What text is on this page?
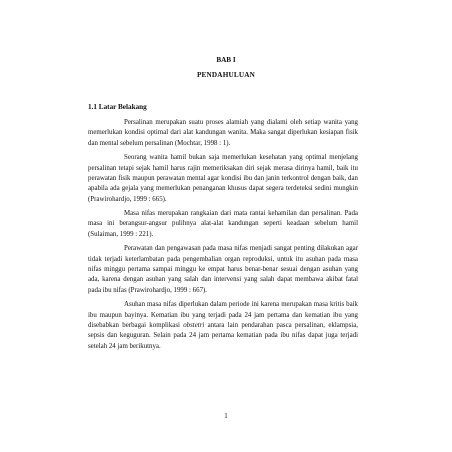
BAB I
PENDAHULUAN
1.1 Latar Belakang

Persalinan merupakan suatu proses alamiah yang dialami oleh setiap wanita yang memerlukan kondisi optimal dari alat kandungan wanita. Maka sangat diperlukan kesiapan fisik dan mental sebelum persalinan (Mochtar, 1998 : 1).

Seorang wanita hamil bukan saja memerlukan kesehatan yang optimal menjelang persalinan tetapi sejak hamil harus rajin memeriksakan diri sejak merasa dirinya hamil, baik itu perawatan fisik maupun perawatan mental agar kondisi ibu dan janin terkontrol dengan baik, dan apabila ada gejala yang memerlukan penanganan khusus dapat segera terdeteksi sedini mungkin (Prawirohardjo, 1999 : 665).

Masa nifas merupakan rangkaian dari mata rantai kehamilan dan persalinan. Pada masa ini berangsur-angsur pulihnya alat-alat kandungan seperti keadaan sebelum hamil (Sulaiman, 1999 : 221).

Perawatan dan pengawasan pada masa nifas menjadi sangat penting dilakukan agar tidak terjadi keterlambatan pada pengembalian organ reproduksi, untuk itu asuhan pada masa nifas minggu pertama sampai minggu ke empat harus benar-benar sesuai dengan asuhan yang ada, karena dengan asuhan yang salah dan intervensi yang salah dapat membawa akibat fatal pada ibu nifas (Prawirohardjo, 1999 : 667).

Asuhan masa nifas diperlukan dalam periode ini karena merupakan masa kritis baik ibu maupun bayinya. Kematian ibu yang terjadi pada 24 jam pertama dan kematian ibu yang disebabkan berbagai komplikasi obstetri antara lain pendarahan pasca persalinan, eklampsia, sepsis dan keguguran. Selain pada 24 jam pertama kematian pada ibu nifas dapat juga terjadi setelah 24 jam berikutnya.

1
